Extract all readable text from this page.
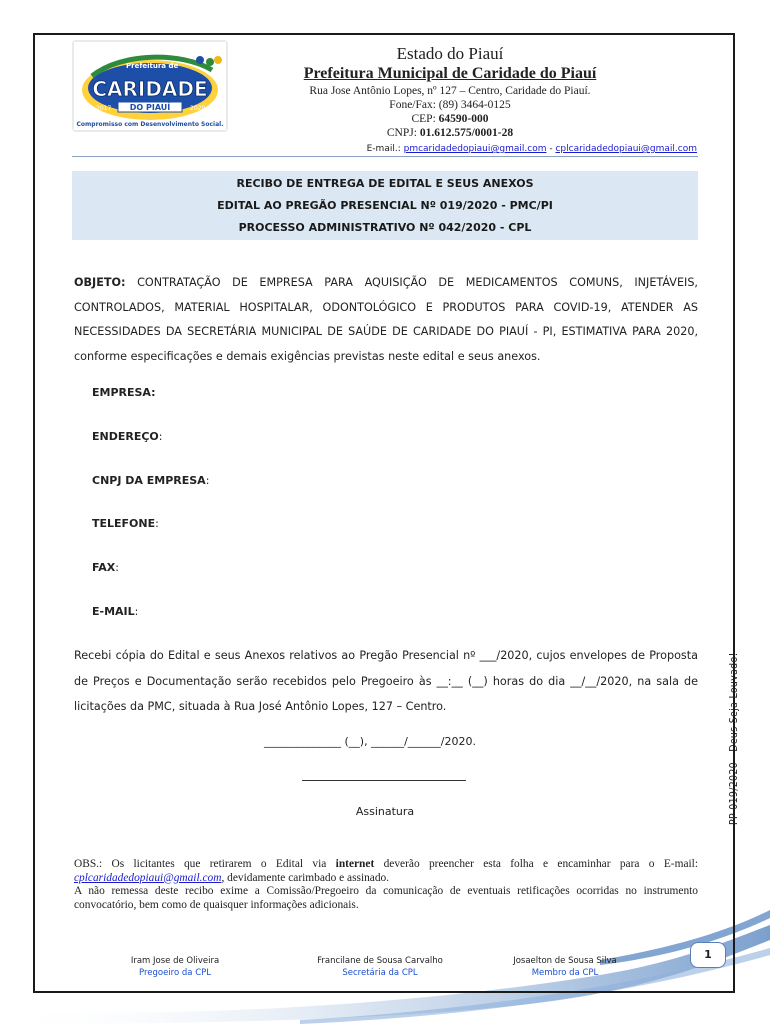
Prefeitura de
CARIDADE
DO PIAUÍ
2017	2020
Compromisso com Desenvolvimento Social.
Estado do Piauí
Prefeitura Municipal de Caridade do Piauí
Rua Jose Antônio Lopes, nº 127 – Centro, Caridade do Piauí.
Fone/Fax: (89) 3464-0125
CEP: 64590-000
CNPJ: 01.612.575/0001-28
E-mail.: pmcaridadedopiaui@gmail.com - cplcaridadedopiaui@gmail.com
RECIBO DE ENTREGA DE EDITAL E SEUS ANEXOS
EDITAL AO PREGÃO PRESENCIAL Nº 019/2020 - PMC/PI
PROCESSO ADMINISTRATIVO Nº 042/2020 - CPL
OBJETO: CONTRATAÇÃO DE EMPRESA PARA AQUISIÇÃO DE MEDICAMENTOS COMUNS, INJETÁVEIS, CONTROLADOS, MATERIAL HOSPITALAR, ODONTOLÓGICO E PRODUTOS PARA COVID-19, ATENDER AS NECESSIDADES DA SECRETÁRIA MUNICIPAL DE SAÚDE DE CARIDADE DO PIAUÍ - PI, ESTIMATIVA PARA 2020, conforme especificações e demais exigências previstas neste edital e seus anexos.
EMPRESA:
ENDEREÇO:
CNPJ DA EMPRESA:
TELEFONE:
FAX:
E-MAIL:
Recebi cópia do Edital e seus Anexos relativos ao Pregão Presencial nº ___/2020, cujos envelopes de Proposta de Preços e Documentação serão recebidos pelo Pregoeiro às __:__ (__) horas do dia __/__/2020, na sala de licitações da PMC, situada à Rua José Antônio Lopes, 127 – Centro.
______________ (__), ______/______/2020.
Assinatura	PP 019/2020 - Deus Seja Louvado!
OBS.: Os licitantes que retirarem o Edital via internet deverão preencher esta folha e encaminhar para o E-mail: cplcaridadedopiaui@gmail.com, devidamente carimbado e assinado.
A não remessa deste recibo exime a Comissão/Pregoeiro da comunicação de eventuais retificações ocorridas no instrumento convocatório, bem como de quaisquer informações adicionais.
Iram Jose de Oliveira
Pregoeiro da CPL
Francilane de Sousa Carvalho
Secretária da CPL
Josaelton de Sousa Silva
Membro da CPL
1
